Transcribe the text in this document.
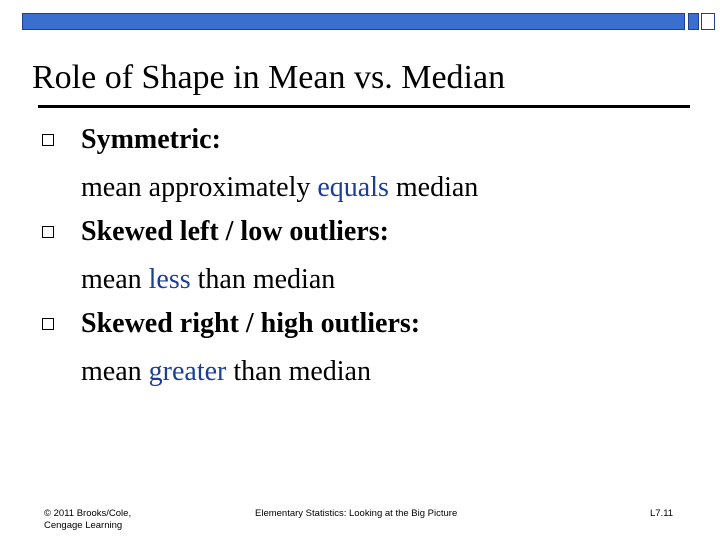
Role of Shape in Mean vs. Median
Symmetric:
mean approximately equals median
Skewed left / low outliers:
mean less than median
Skewed right / high outliers:
mean greater than median
© 2011 Brooks/Cole,
Cengage Learning
Elementary Statistics: Looking at the Big Picture	L7.11
